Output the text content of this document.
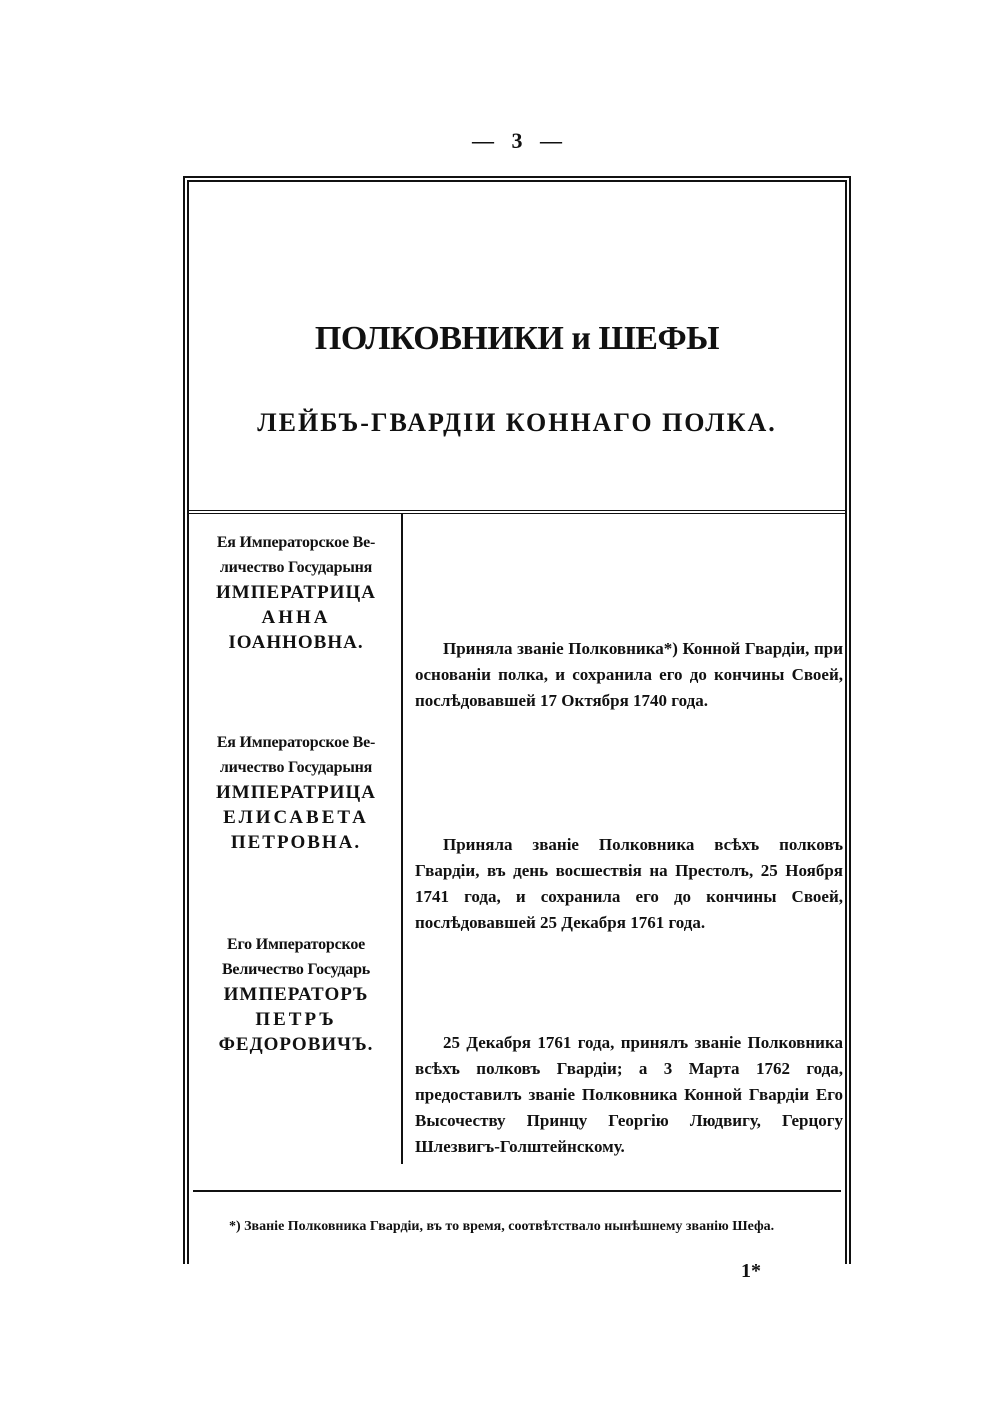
— 3 —
ПОЛКОВНИКИ и ШЕФЫ
ЛЕЙБЪ-ГВАРДІИ КОННАГО ПОЛКА.
Ея Императорское Ве-
личество Государыня
ИМПЕРАТРИЦА
АННА
ІОАННОВНА.	Приняла званіе Полковника*) Конной Гвардіи, при основаніи полка, и сохранила его до кончины Своей, послѣдовавшей 17 Октября 1740 года.
Ея Императорское Ве-
личество Государыня
ИМПЕРАТРИЦА
ЕЛИСАВЕТА
ПЕТРОВНА.	Приняла званіе Полковника всѣхъ полковъ Гвардіи, въ день восшествія на Престолъ, 25 Ноября 1741 года, и сохранила его до кончины Своей, послѣдовавшей 25 Декабря 1761 года.
Его Императорское
Величество Государь
ИМПЕРАТОРЪ
ПЕТРЪ
ФЕДОРОВИЧЪ.	25 Декабря 1761 года, принялъ званіе Полковника всѣхъ полковъ Гвардіи; а 3 Марта 1762 года, предоставилъ званіе Полковника Конной Гвардіи Его Высочеству Принцу Георгію Людвигу, Герцогу Шлезвигъ-Голштейнскому.
*) Званіе Полковника Гвардіи, въ то время, соотвѣтствало нынѣшнему званію Шефа.
1*
